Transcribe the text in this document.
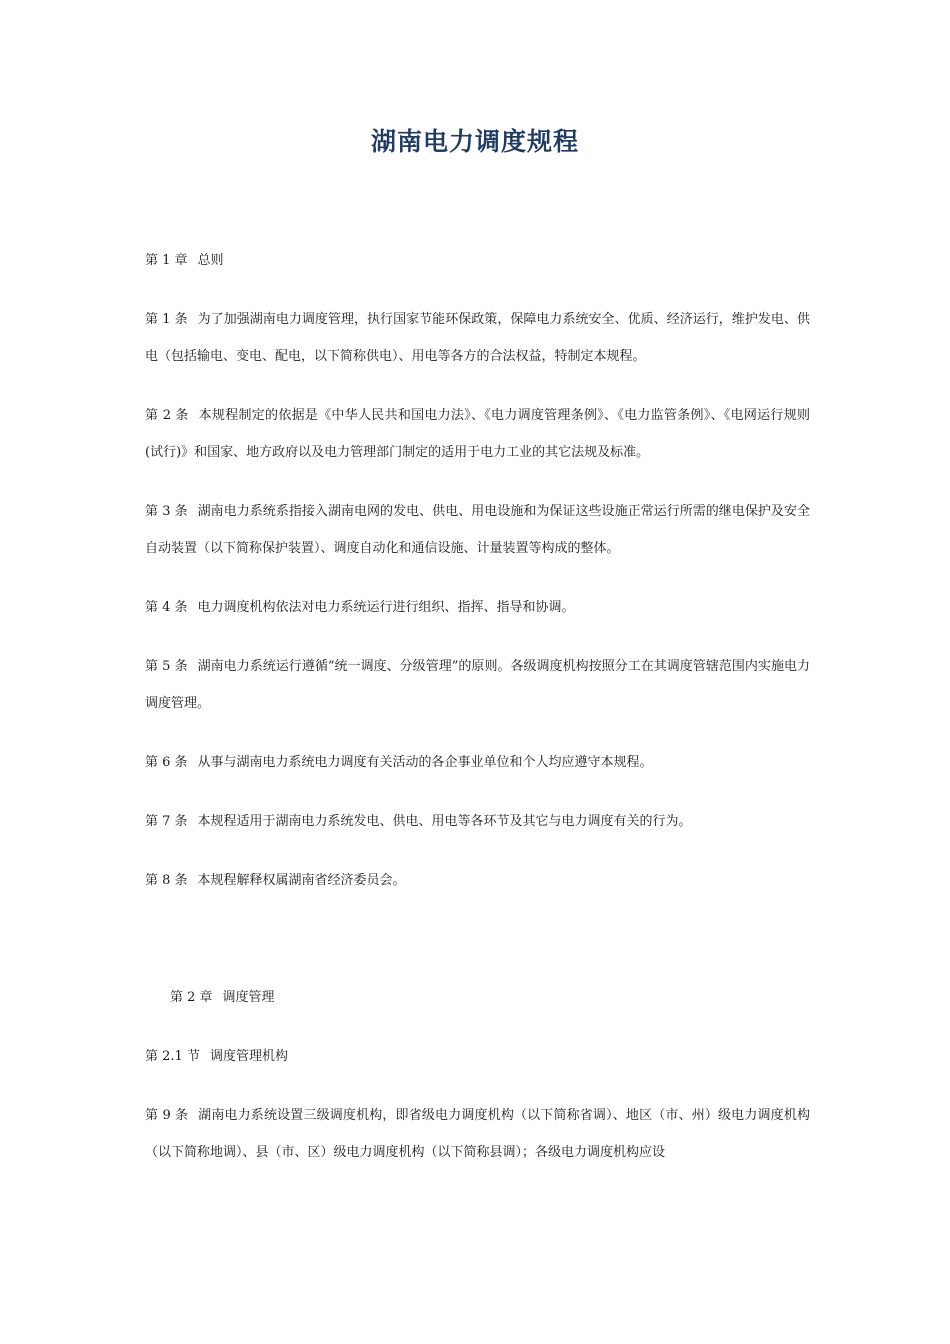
湖南电力调度规程

第 1 章 总则

第 1 条 为了加强湖南电力调度管理，执行国家节能环保政策，保障电力系统安全、优质、经济运行，维护发电、供电（包括输电、变电、配电，以下简称供电）、用电等各方的合法权益，特制定本规程。

第 2 条 本规程制定的依据是《中华人民共和国电力法》、《电力调度管理条例》、《电力监管条例》、《电网运行规则(试行)》和国家、地方政府以及电力管理部门制定的适用于电力工业的其它法规及标准。

第 3 条 湖南电力系统系指接入湖南电网的发电、供电、用电设施和为保证这些设施正常运行所需的继电保护及安全自动装置（以下简称保护装置）、调度自动化和通信设施、计量装置等构成的整体。

第 4 条 电力调度机构依法对电力系统运行进行组织、指挥、指导和协调。

第 5 条 湖南电力系统运行遵循“统一调度、分级管理”的原则。各级调度机构按照分工在其调度管辖范围内实施电力调度管理。

第 6 条 从事与湖南电力系统电力调度有关活动的各企事业单位和个人均应遵守本规程。

第 7 条 本规程适用于湖南电力系统发电、供电、用电等各环节及其它与电力调度有关的行为。

第 8 条 本规程解释权属湖南省经济委员会。

第 2 章 调度管理

第 2.1 节 调度管理机构

第 9 条 湖南电力系统设置三级调度机构，即省级电力调度机构（以下简称省调）、地区（市、州）级电力调度机构（以下简称地调）、县（市、区）级电力调度机构（以下简称县调）；各级电力调度机构应设
